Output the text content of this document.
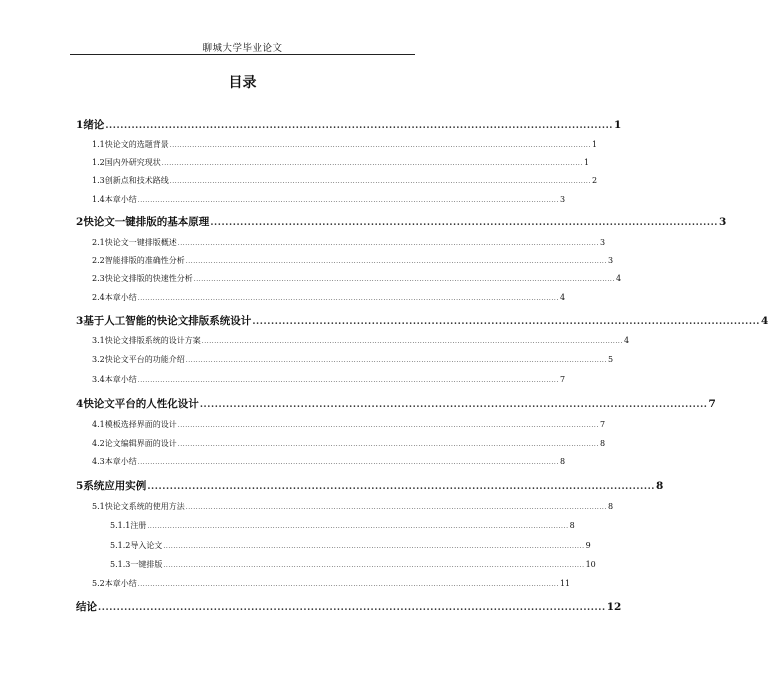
聊城大学毕业论文
目录
1 绪论 ........................................................................................................................................ 1
1.1 快论文的选题背景 ........................................................................................................................................................................ 1
1.2 国内外研究现状 ........................................................................................................................................................................ 1
1.3 创新点和技术路线 ........................................................................................................................................................................ 2
1.4 本章小结 ........................................................................................................................................................................ 3
2 快论文一键排版的基本原理 ........................................................................................................................................ 3
2.1 快论文一键排版概述 ........................................................................................................................................................................ 3
2.2 智能排版的准确性分析 ........................................................................................................................................................................ 3
2.3 快论文排版的快速性分析 ........................................................................................................................................................................ 4
2.4 本章小结 ........................................................................................................................................................................ 4
3 基于人工智能的快论文排版系统设计 ........................................................................................................................................ 4
3.1 快论文排版系统的设计方案 ........................................................................................................................................................................ 4
3.2 快论文平台的功能介绍 ........................................................................................................................................................................ 5
3.4 本章小结 ........................................................................................................................................................................ 7
4 快论文平台的人性化设计 ........................................................................................................................................ 7
4.1 模板选择界面的设计 ........................................................................................................................................................................ 7
4.2 论文编辑界面的设计 ........................................................................................................................................................................ 8
4.3 本章小结 ........................................................................................................................................................................ 8
5 系统应用实例 ........................................................................................................................................ 8
5.1 快论文系统的使用方法 ........................................................................................................................................................................ 8
5.1.1 注册 ........................................................................................................................................................................ 8
5.1.2 导入论文 ........................................................................................................................................................................ 9
5.1.3 一键排版 ........................................................................................................................................................................ 10
5.2 本章小结 ........................................................................................................................................................................ 11
结论 ........................................................................................................................................ 12
